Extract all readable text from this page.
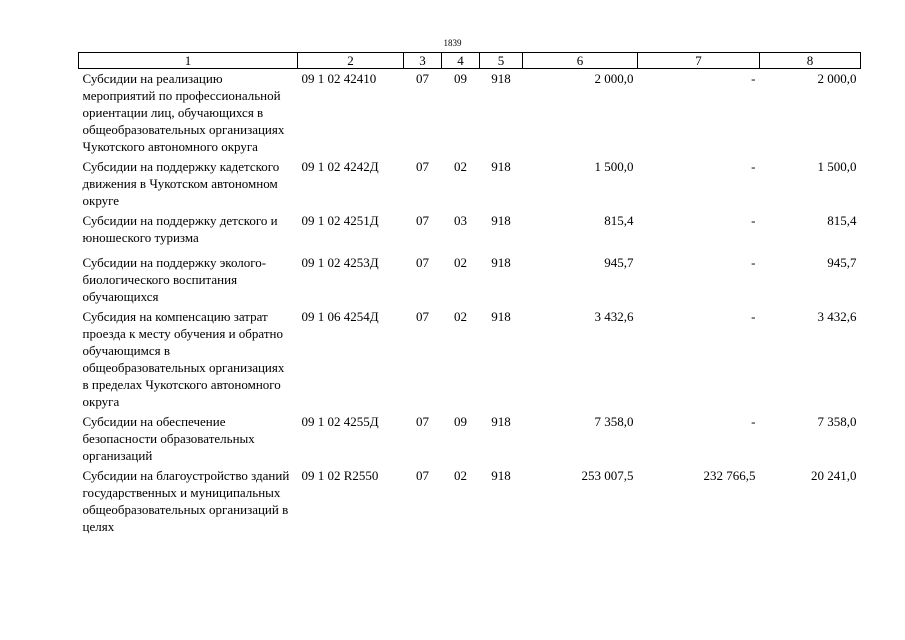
1839
1	2	3	4	5	6	7	8
Субсидии на реализацию мероприятий по профессиональной ориентации лиц, обучающихся в общеобразовательных организациях Чукотского автономного округа	09 1 02 42410	07	09	918	2 000,0	-	2 000,0
Субсидии на поддержку кадетского движения в Чукотском автономном округе	09 1 02 4242Д	07	02	918	1 500,0	-	1 500,0
Субсидии на поддержку детского и юношеского туризма	09 1 02 4251Д	07	03	918	815,4	-	815,4
Субсидии на поддержку эколого-биологического воспитания обучающихся	09 1 02 4253Д	07	02	918	945,7	-	945,7
Субсидия на компенсацию затрат проезда к месту обучения и обратно обучающимся в общеобразовательных организациях в пределах Чукотского автономного округа	09 1 06 4254Д	07	02	918	3 432,6	-	3 432,6
Субсидии на обеспечение безопасности образовательных организаций	09 1 02 4255Д	07	09	918	7 358,0	-	7 358,0
Субсидии на благоустройство зданий государственных и муниципальных общеобразовательных организаций в целях	09 1 02 R2550	07	02	918	253 007,5	232 766,5	20 241,0
